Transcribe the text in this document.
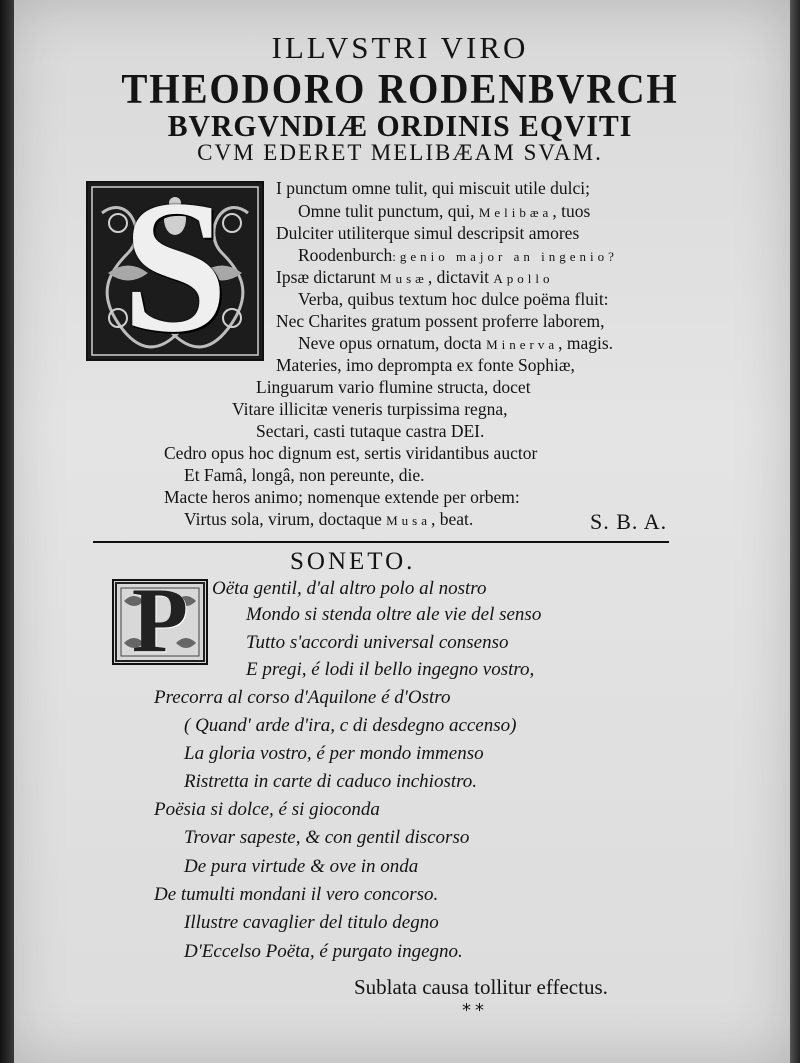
ILLVSTRI VIRO
THEODORO RODENBVRCH
BVRGVNDIÆ ORDINIS EQVITI
CVM EDERET MELIBÆAM SVAM.
S	I punctum omne tulit, qui miscuit utile dulci;
Omne tulit punctum, qui, Melibæa, tuos
Dulciter utiliterque simul descripsit amores
Roodenburch:genio major an ingenio?
Ipsæ dictarunt Musæ, dictavit Apollo
Verba, quibus textum hoc dulce poëma fluit:
Nec Charites gratum possent proferre laborem,
Neve opus ornatum, docta Minerva, magis.
Materies, imo deprompta ex fonte Sophiæ,
Linguarum vario flumine structa, docet
Vitare illicitæ veneris turpissima regna,
Sectari, casti tutaque castra DEI.
Cedro opus hoc dignum est, sertis viridantibus auctor
Et Famâ, longâ, non pereunte, die.
Macte heros animo; nomenque extende per orbem:
Virtus sola, virum, doctaque Musa, beat.	S. B. A.
SONETO.
P Oëta gentil, d'al altro polo al nostro
Mondo si stenda oltre ale vie del senso
Tutto s'accordi universal consenso
E pregi, é lodi il bello ingegno vostro,
Precorra al corso d'Aquilone é d'Ostro
( Quand' arde d'ira, c di desdegno accenso)
La gloria vostro, é per mondo immenso
Ristretta in carte di caduco inchiostro.
Poësia si dolce, é si gioconda
Trovar sapeste, & con gentil discorso
De pura virtude & ove in onda
De tumulti mondani il vero concorso.
Illustre cavaglier del titulo degno
D'Eccelso Poëta, é purgato ingegno.
Sublata causa tollitur effectus.
**
